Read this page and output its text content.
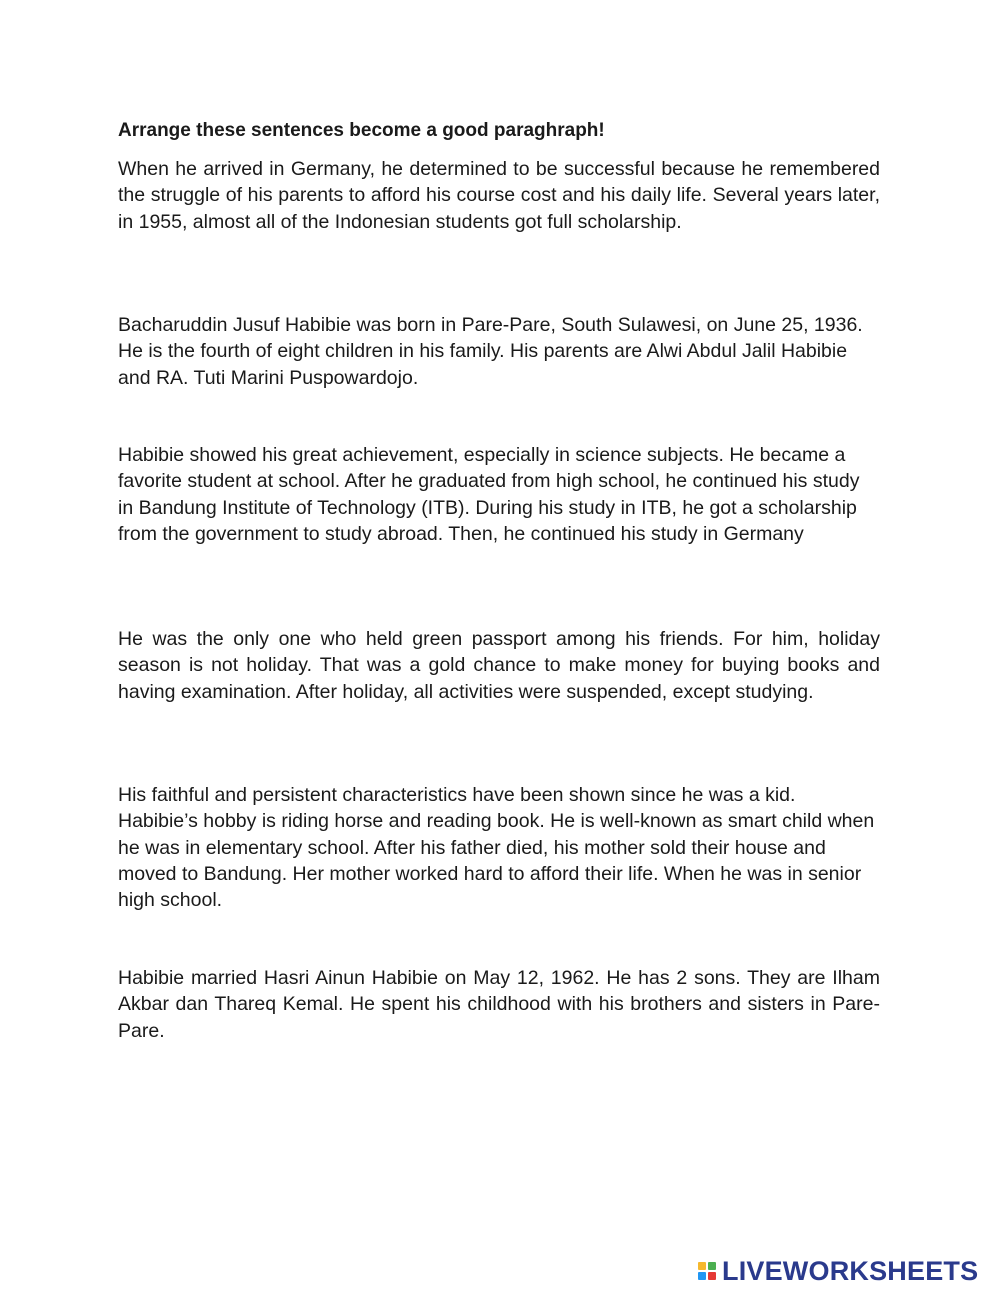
Arrange these sentences become a good paraghraph!

When he arrived in Germany, he determined to be successful because he remembered the struggle of his parents to afford his course cost and his daily life. Several years later, in 1955, almost all of the Indonesian students got full scholarship.

Bacharuddin Jusuf Habibie was born in Pare-Pare, South Sulawesi, on June 25, 1936. He is the fourth of eight children in his family. His parents are Alwi Abdul Jalil Habibie and RA. Tuti Marini Puspowardojo.

Habibie showed his great achievement, especially in science subjects. He became a favorite student at school. After he graduated from high school, he continued his study in Bandung Institute of Technology (ITB). During his study in ITB, he got a scholarship from the government to study abroad. Then, he continued his study in Germany

He was the only one who held green passport among his friends. For him, holiday season is not holiday. That was a gold chance to make money for buying books and having examination. After holiday, all activities were suspended, except studying.

His faithful and persistent characteristics have been shown since he was a kid. Habibie’s hobby is riding horse and reading book. He is well-known as smart child when he was in elementary school. After his father died, his mother sold their house and moved to Bandung. Her mother worked hard to afford their life. When he was in senior high school.

Habibie married Hasri Ainun Habibie on May 12, 1962. He has 2 sons. They are Ilham Akbar dan Thareq Kemal. He spent his childhood with his brothers and sisters in Pare-Pare.

LIVEWORKSHEETS
